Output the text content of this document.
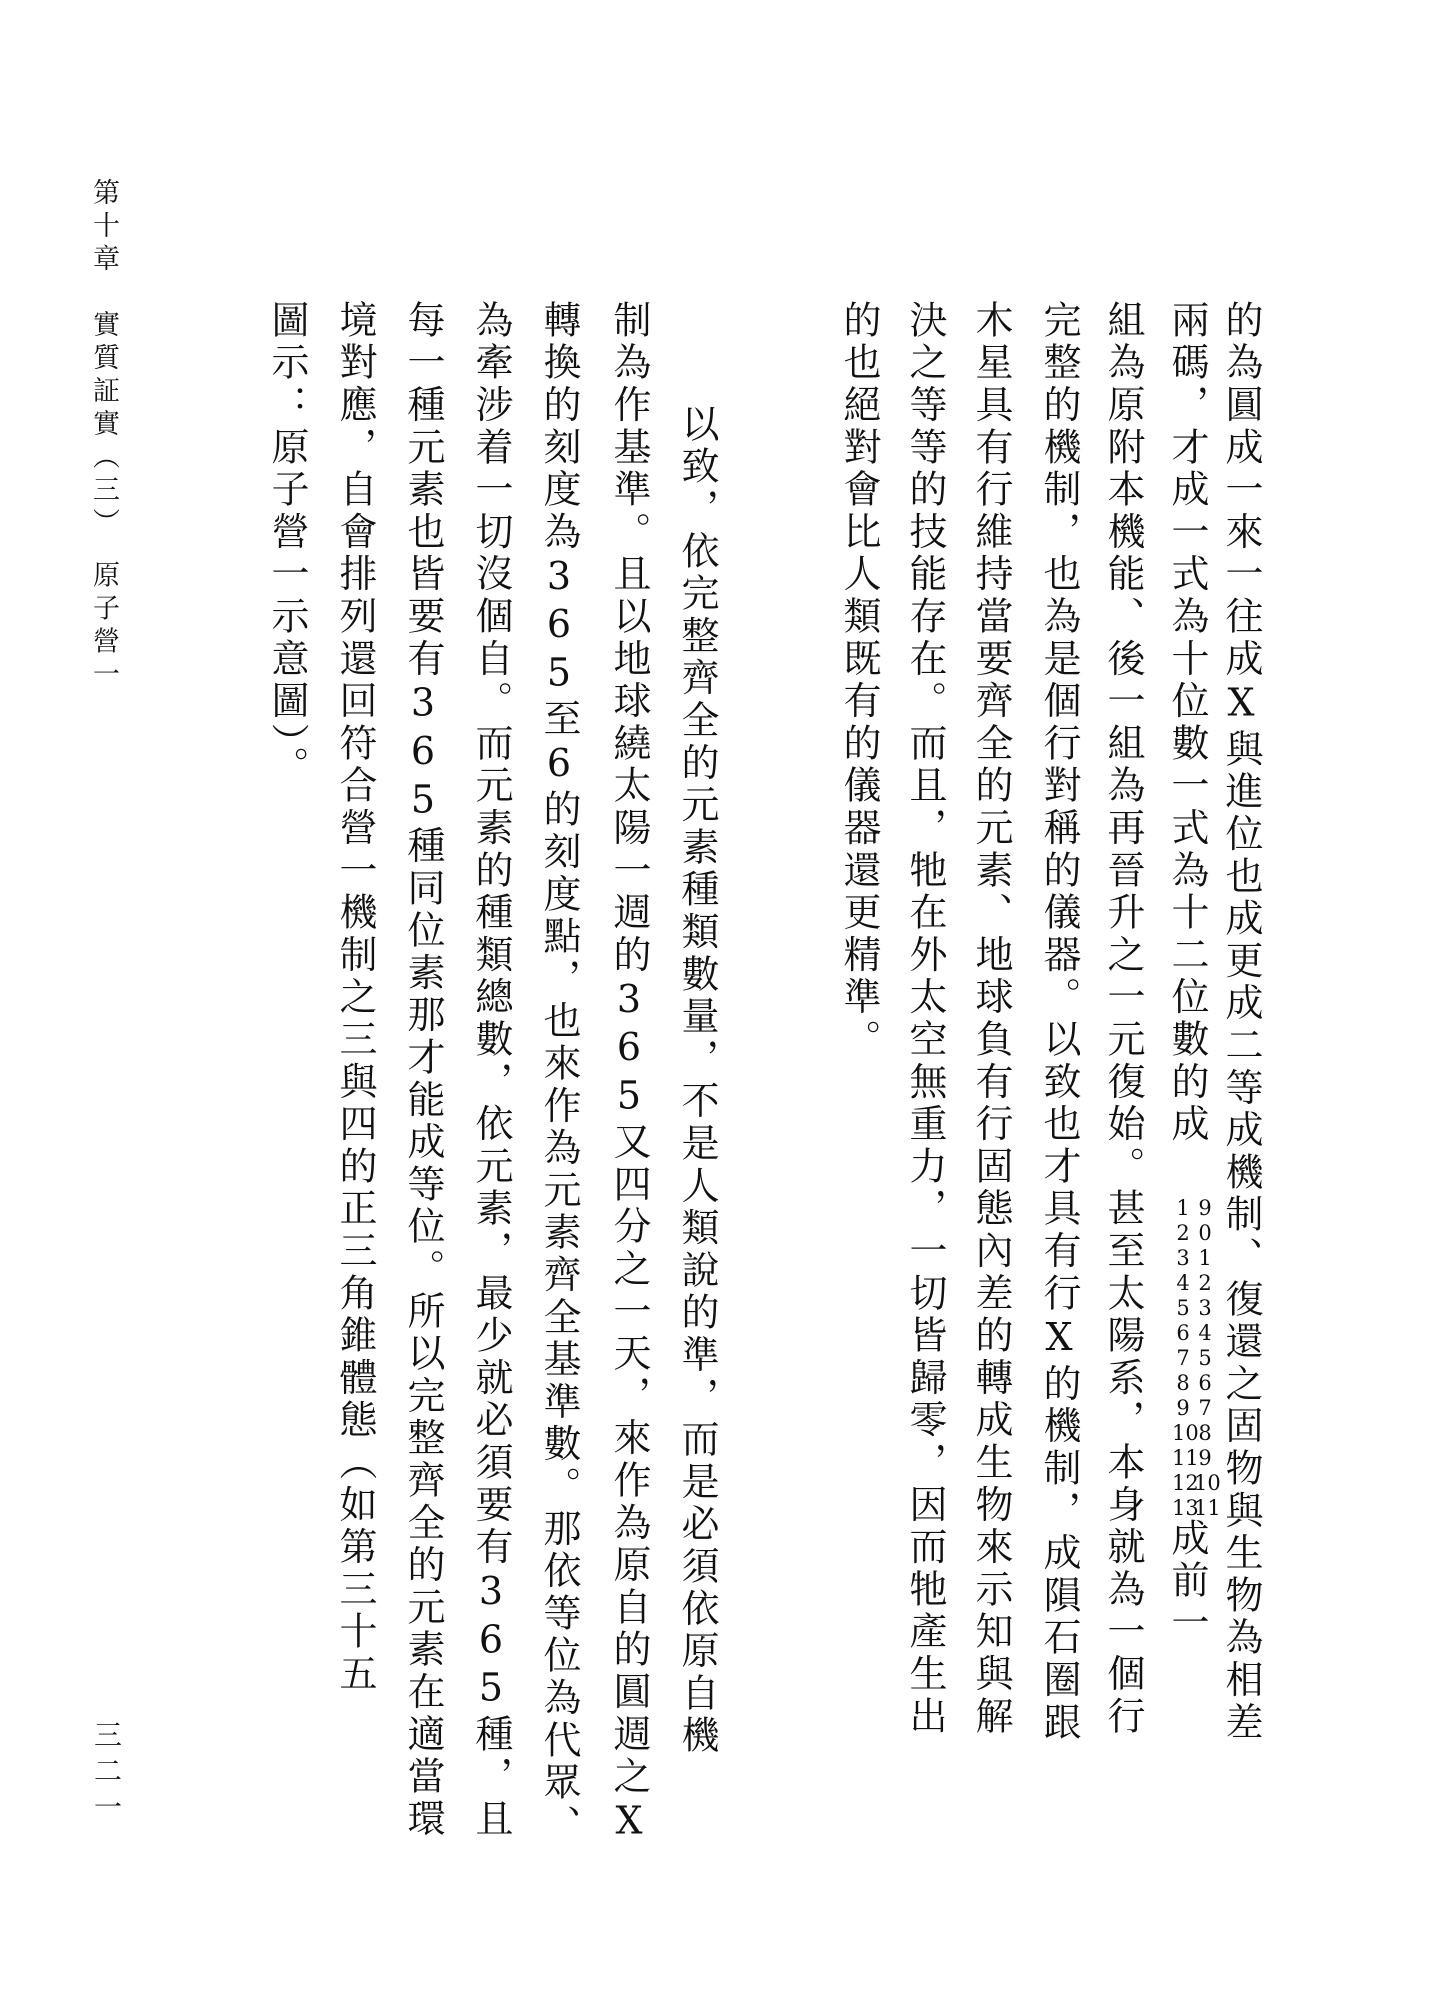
第十章　實質証實（三）　原子營一
三二一
的為圓成一來一往成X與進位也成更成二等成機制、復還之固物與生物為相差
兩碼，才成一式為十位數一式為十二位數的成
1 9
2 0
3 1
4 2
5 3
6 4
7 5
8 6
9 7
10 8
11 9
12
10
13
11
成前一
組為原附本機能、後一組為再晉升之一元復始。甚至太陽系，本身就為一個行
完整的機制，也為是個行對稱的儀器。以致也才具有行X的機制，成隕石圈跟
木星具有行維持當要齊全的元素、地球負有行固態內差的轉成生物來示知與解
決之等等的技能存在。而且，牠在外太空無重力，一切皆歸零，因而牠產生出
的也絕對會比人類既有的儀器還更精準。
以致，依完整齊全的元素種類數量，不是人類說的準，而是必須依原自機
制為作基準。且以地球繞太陽一週的365又四分之一天，來作為原自的圓週之X
轉換的刻度為365至6的刻度點，也來作為元素齊全基準數。那依等位為代眾、
為牽涉着一切沒個自。而元素的種類總數，依元素，最少就必須要有365種，且
每一種元素也皆要有365種同位素那才能成等位。所以完整齊全的元素在適當環
境對應，自會排列還回符合營一機制之三與四的正三角錐體態（如第三十五
圖示：原子營一示意圖）。
